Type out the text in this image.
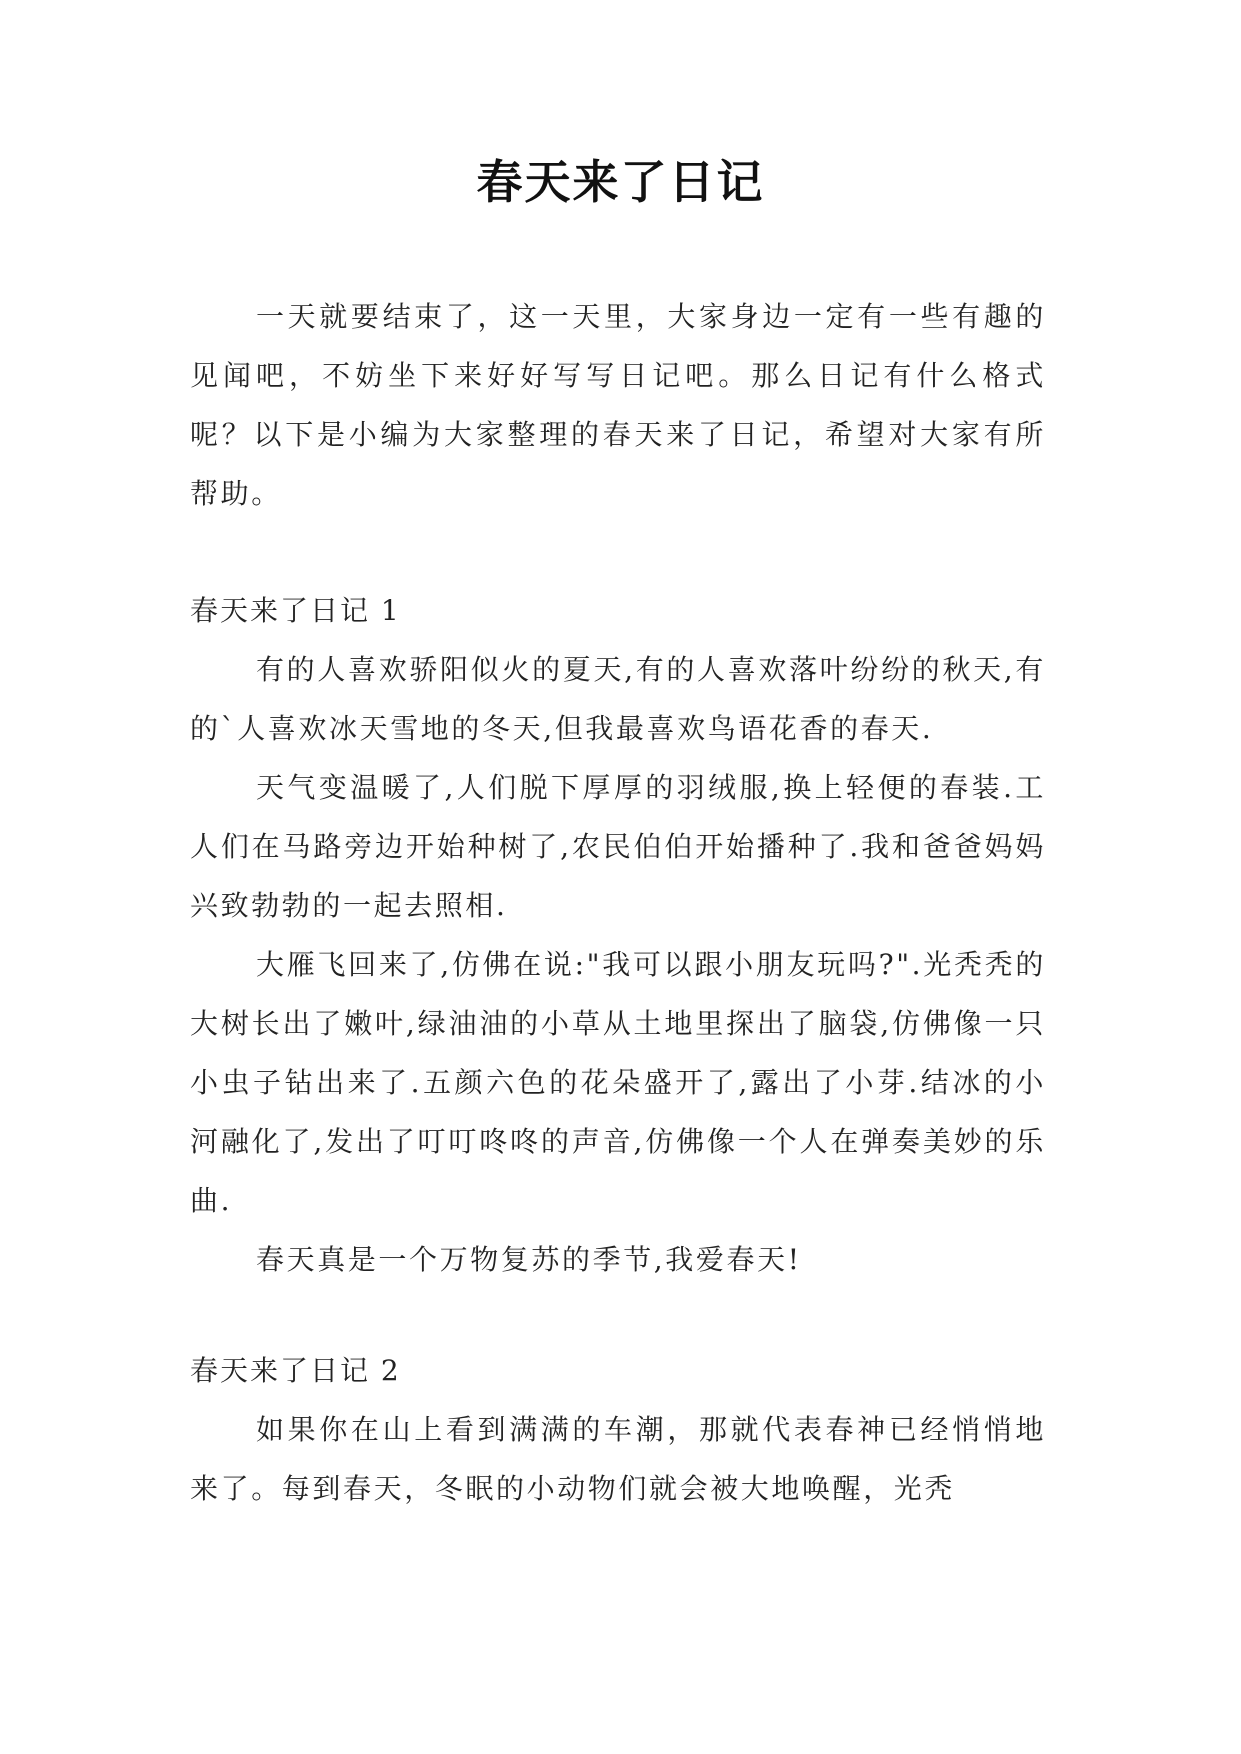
春天来了日记

一天就要结束了，这一天里，大家身边一定有一些有趣的见闻吧，不妨坐下来好好写写日记吧。那么日记有什么格式呢？以下是小编为大家整理的春天来了日记，希望对大家有所帮助。

春天来了日记 1

有的人喜欢骄阳似火的夏天,有的人喜欢落叶纷纷的秋天,有的`人喜欢冰天雪地的冬天,但我最喜欢鸟语花香的春天.

天气变温暖了,人们脱下厚厚的羽绒服,换上轻便的春装.工人们在马路旁边开始种树了,农民伯伯开始播种了.我和爸爸妈妈兴致勃勃的一起去照相.

大雁飞回来了,仿佛在说:"我可以跟小朋友玩吗?".光秃秃的大树长出了嫩叶,绿油油的小草从土地里探出了脑袋,仿佛像一只小虫子钻出来了.五颜六色的花朵盛开了,露出了小芽.结冰的小河融化了,发出了叮叮咚咚的声音,仿佛像一个人在弹奏美妙的乐曲.

春天真是一个万物复苏的季节,我爱春天!

春天来了日记 2

如果你在山上看到满满的车潮，那就代表春神已经悄悄地来了。每到春天，冬眠的小动物们就会被大地唤醒，光秃
